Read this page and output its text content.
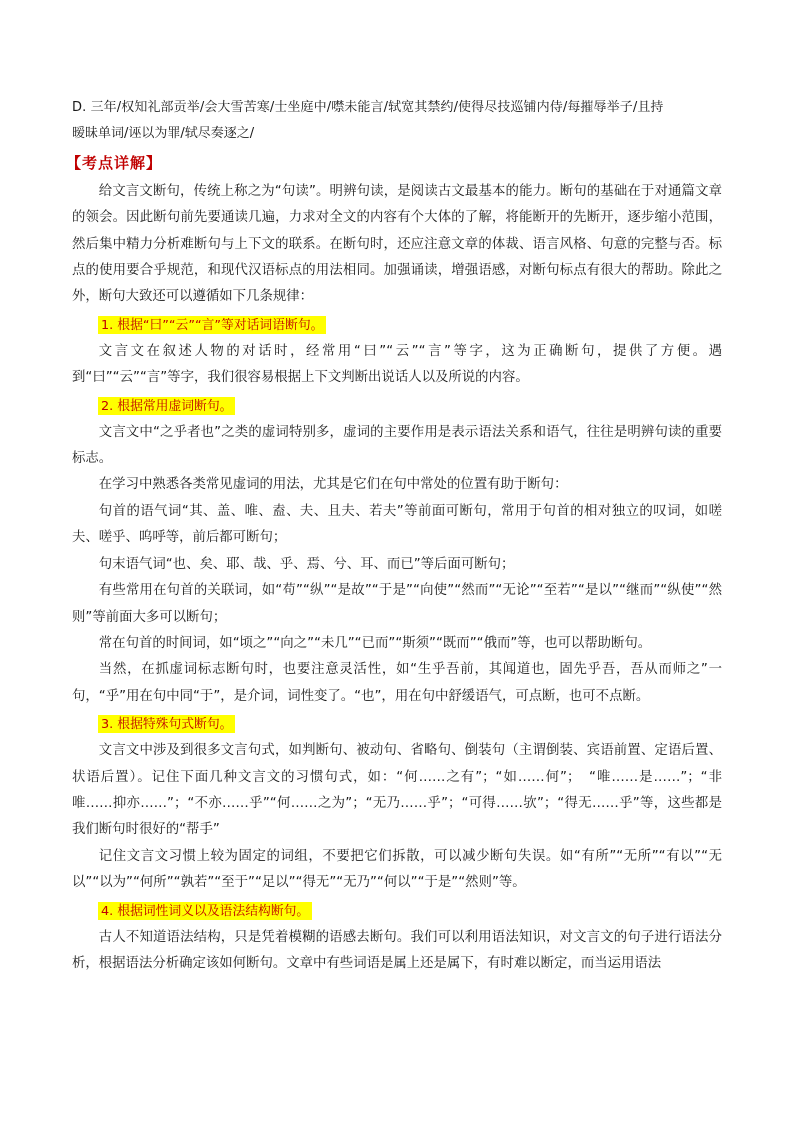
D. 三年/权知礼部贡举/会大雪苦寒/士坐庭中/噤未能言/轼宽其禁约/使得尽技巡铺内侍/每摧辱举子/且持

暧昧单词/诬以为罪/轼尽奏逐之/

【考点详解】

给文言文断句，传统上称之为“句读”。明辨句读，是阅读古文最基本的能力。断句的基础在于对通篇文章的领会。因此断句前先要通读几遍，力求对全文的内容有个大体的了解，将能断开的先断开，逐步缩小范围，然后集中精力分析难断句与上下文的联系。在断句时，还应注意文章的体裁、语言风格、句意的完整与否。标点的使用要合乎规范，和现代汉语标点的用法相同。加强诵读，增强语感，对断句标点有很大的帮助。除此之外，断句大致还可以遵循如下几条规律：

1. 根据“曰”“云”“言”等对话词语断句。

文言文在叙述人物的对话时，经常用“曰”“云”“言”等字，这为正确断句，提供了方便。遇到“曰”“云”“言”等字，我们很容易根据上下文判断出说话人以及所说的内容。

2. 根据常用虚词断句。

文言文中“之乎者也”之类的虚词特别多，虚词的主要作用是表示语法关系和语气，往往是明辨句读的重要标志。

在学习中熟悉各类常见虚词的用法，尤其是它们在句中常处的位置有助于断句：

句首的语气词“其、盖、唯、盍、夫、且夫、若夫”等前面可断句，常用于句首的相对独立的叹词，如嗟夫、嗟乎、呜呼等，前后都可断句；

句末语气词“也、矣、耶、哉、乎、焉、兮、耳、而已”等后面可断句；

有些常用在句首的关联词，如“苟”“纵”“是故”“于是”“向使”“然而”“无论”“至若”“是以”“继而”“纵使”“然则”等前面大多可以断句；

常在句首的时间词，如“顷之”“向之”“未几”“已而”“斯须”“既而”“俄而”等，也可以帮助断句。

当然，在抓虚词标志断句时，也要注意灵活性，如“生乎吾前，其闻道也，固先乎吾，吾从而师之”一句，“乎”用在句中同“于”，是介词，词性变了。“也”，用在句中舒缓语气，可点断，也可不点断。

3. 根据特殊句式断句。

文言文中涉及到很多文言句式，如判断句、被动句、省略句、倒装句（主谓倒装、宾语前置、定语后置、状语后置）。记住下面几种文言文的习惯句式，如：“何……之有”；“如……何”；　“唯……是……”；“非唯……抑亦……”；“不亦……乎”“何……之为”；“无乃……乎”；“可得……欤”；“得无……乎”等，这些都是我们断句时很好的“帮手”

记住文言文习惯上较为固定的词组，不要把它们拆散，可以减少断句失误。如“有所”“无所”“有以”“无以”“以为”“何所”“孰若”“至于”“足以”“得无”“无乃”“何以”“于是”“然则”等。

4. 根据词性词义以及语法结构断句。

古人不知道语法结构，只是凭着模糊的语感去断句。我们可以利用语法知识，对文言文的句子进行语法分析，根据语法分析确定该如何断句。文章中有些词语是属上还是属下，有时难以断定，而当运用语法
